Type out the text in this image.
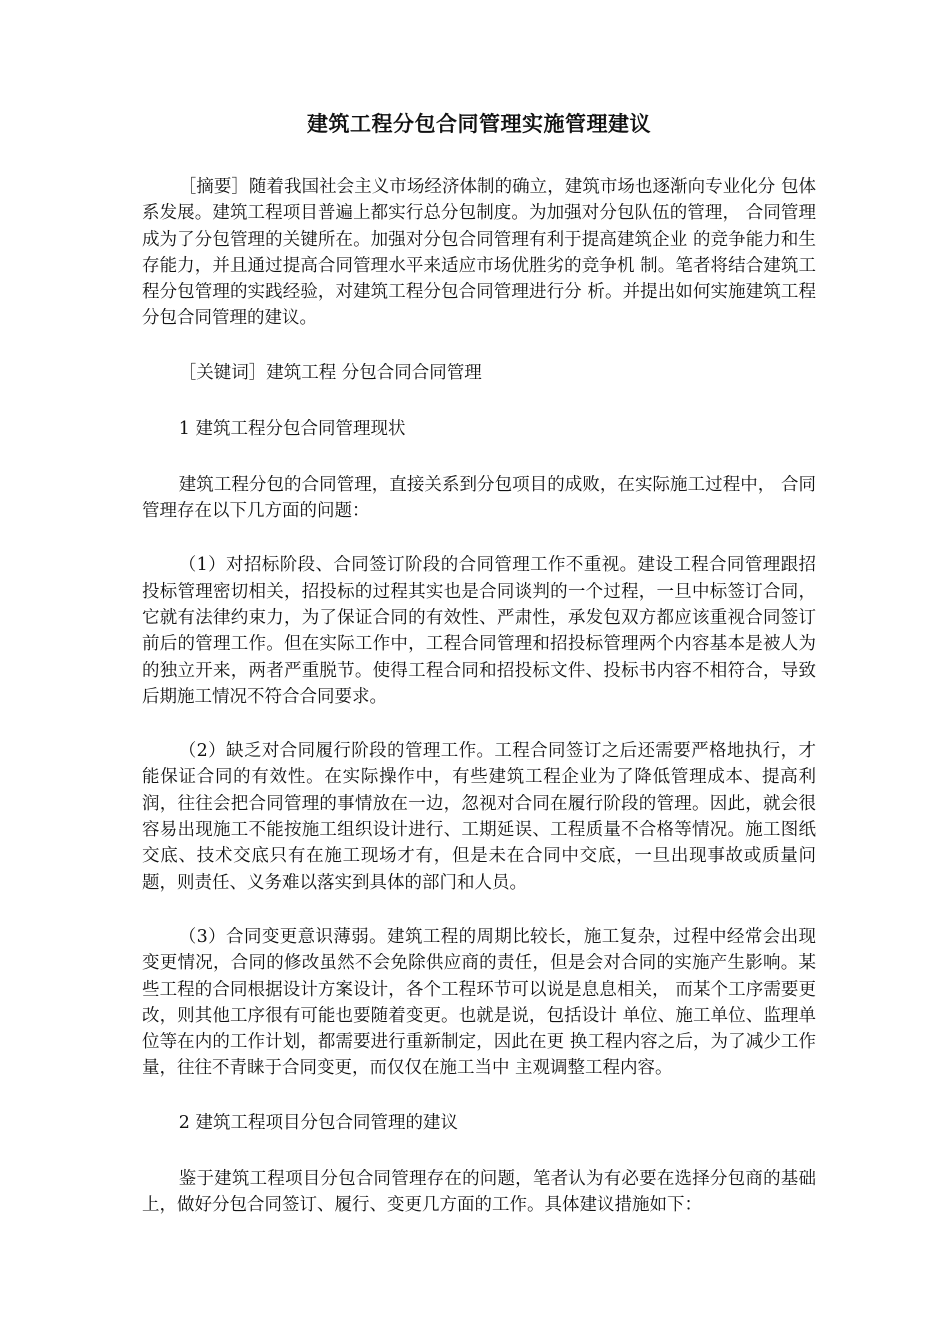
建筑工程分包合同管理实施管理建议

［摘要］随着我国社会主义市场经济体制的确立，建筑市场也逐渐向专业化分 包体系发展。建筑工程项目普遍上都实行总分包制度。为加强对分包队伍的管理， 合同管理成为了分包管理的关键所在。加强对分包合同管理有利于提高建筑企业 的竞争能力和生存能力，并且通过提高合同管理水平来适应市场优胜劣的竞争机 制。笔者将结合建筑工程分包管理的实践经验，对建筑工程分包合同管理进行分 析。并提出如何实施建筑工程分包合同管理的建议。

［关键词］建筑工程 分包合同合同管理

1 建筑工程分包合同管理现状

建筑工程分包的合同管理，直接关系到分包项目的成败，在实际施工过程中， 合同管理存在以下几方面的问题：

（1）对招标阶段、合同签订阶段的合同管理工作不重视。建设工程合同管理跟招投标管理密切相关，招投标的过程其实也是合同谈判的一个过程，一旦中标签订合同，它就有法律约束力，为了保证合同的有效性、严肃性，承发包双方都应该重视合同签订前后的管理工作。但在实际工作中，工程合同管理和招投标管理两个内容基本是被人为的独立开来，两者严重脱节。使得工程合同和招投标文件、投标书内容不相符合，导致后期施工情况不符合合同要求。

（2）缺乏对合同履行阶段的管理工作。工程合同签订之后还需要严格地执行，才能保证合同的有效性。在实际操作中，有些建筑工程企业为了降低管理成本、提高利润，往往会把合同管理的事情放在一边，忽视对合同在履行阶段的管理。因此，就会很容易出现施工不能按施工组织设计进行、工期延误、工程质量不合格等情况。施工图纸交底、技术交底只有在施工现场才有，但是未在合同中交底，一旦出现事故或质量问题，则责任、义务难以落实到具体的部门和人员。

（3）合同变更意识薄弱。建筑工程的周期比较长，施工复杂，过程中经常会出现变更情况，合同的修改虽然不会免除供应商的责任，但是会对合同的实施产生影响。某些工程的合同根据设计方案设计，各个工程环节可以说是息息相关， 而某个工序需要更改，则其他工序很有可能也要随着变更。也就是说，包括设计 单位、施工单位、监理单位等在内的工作计划，都需要进行重新制定，因此在更 换工程内容之后，为了减少工作量，往往不青睐于合同变更，而仅仅在施工当中 主观调整工程内容。

2 建筑工程项目分包合同管理的建议

鉴于建筑工程项目分包合同管理存在的问题，笔者认为有必要在选择分包商的基础上，做好分包合同签订、履行、变更几方面的工作。具体建议措施如下：
